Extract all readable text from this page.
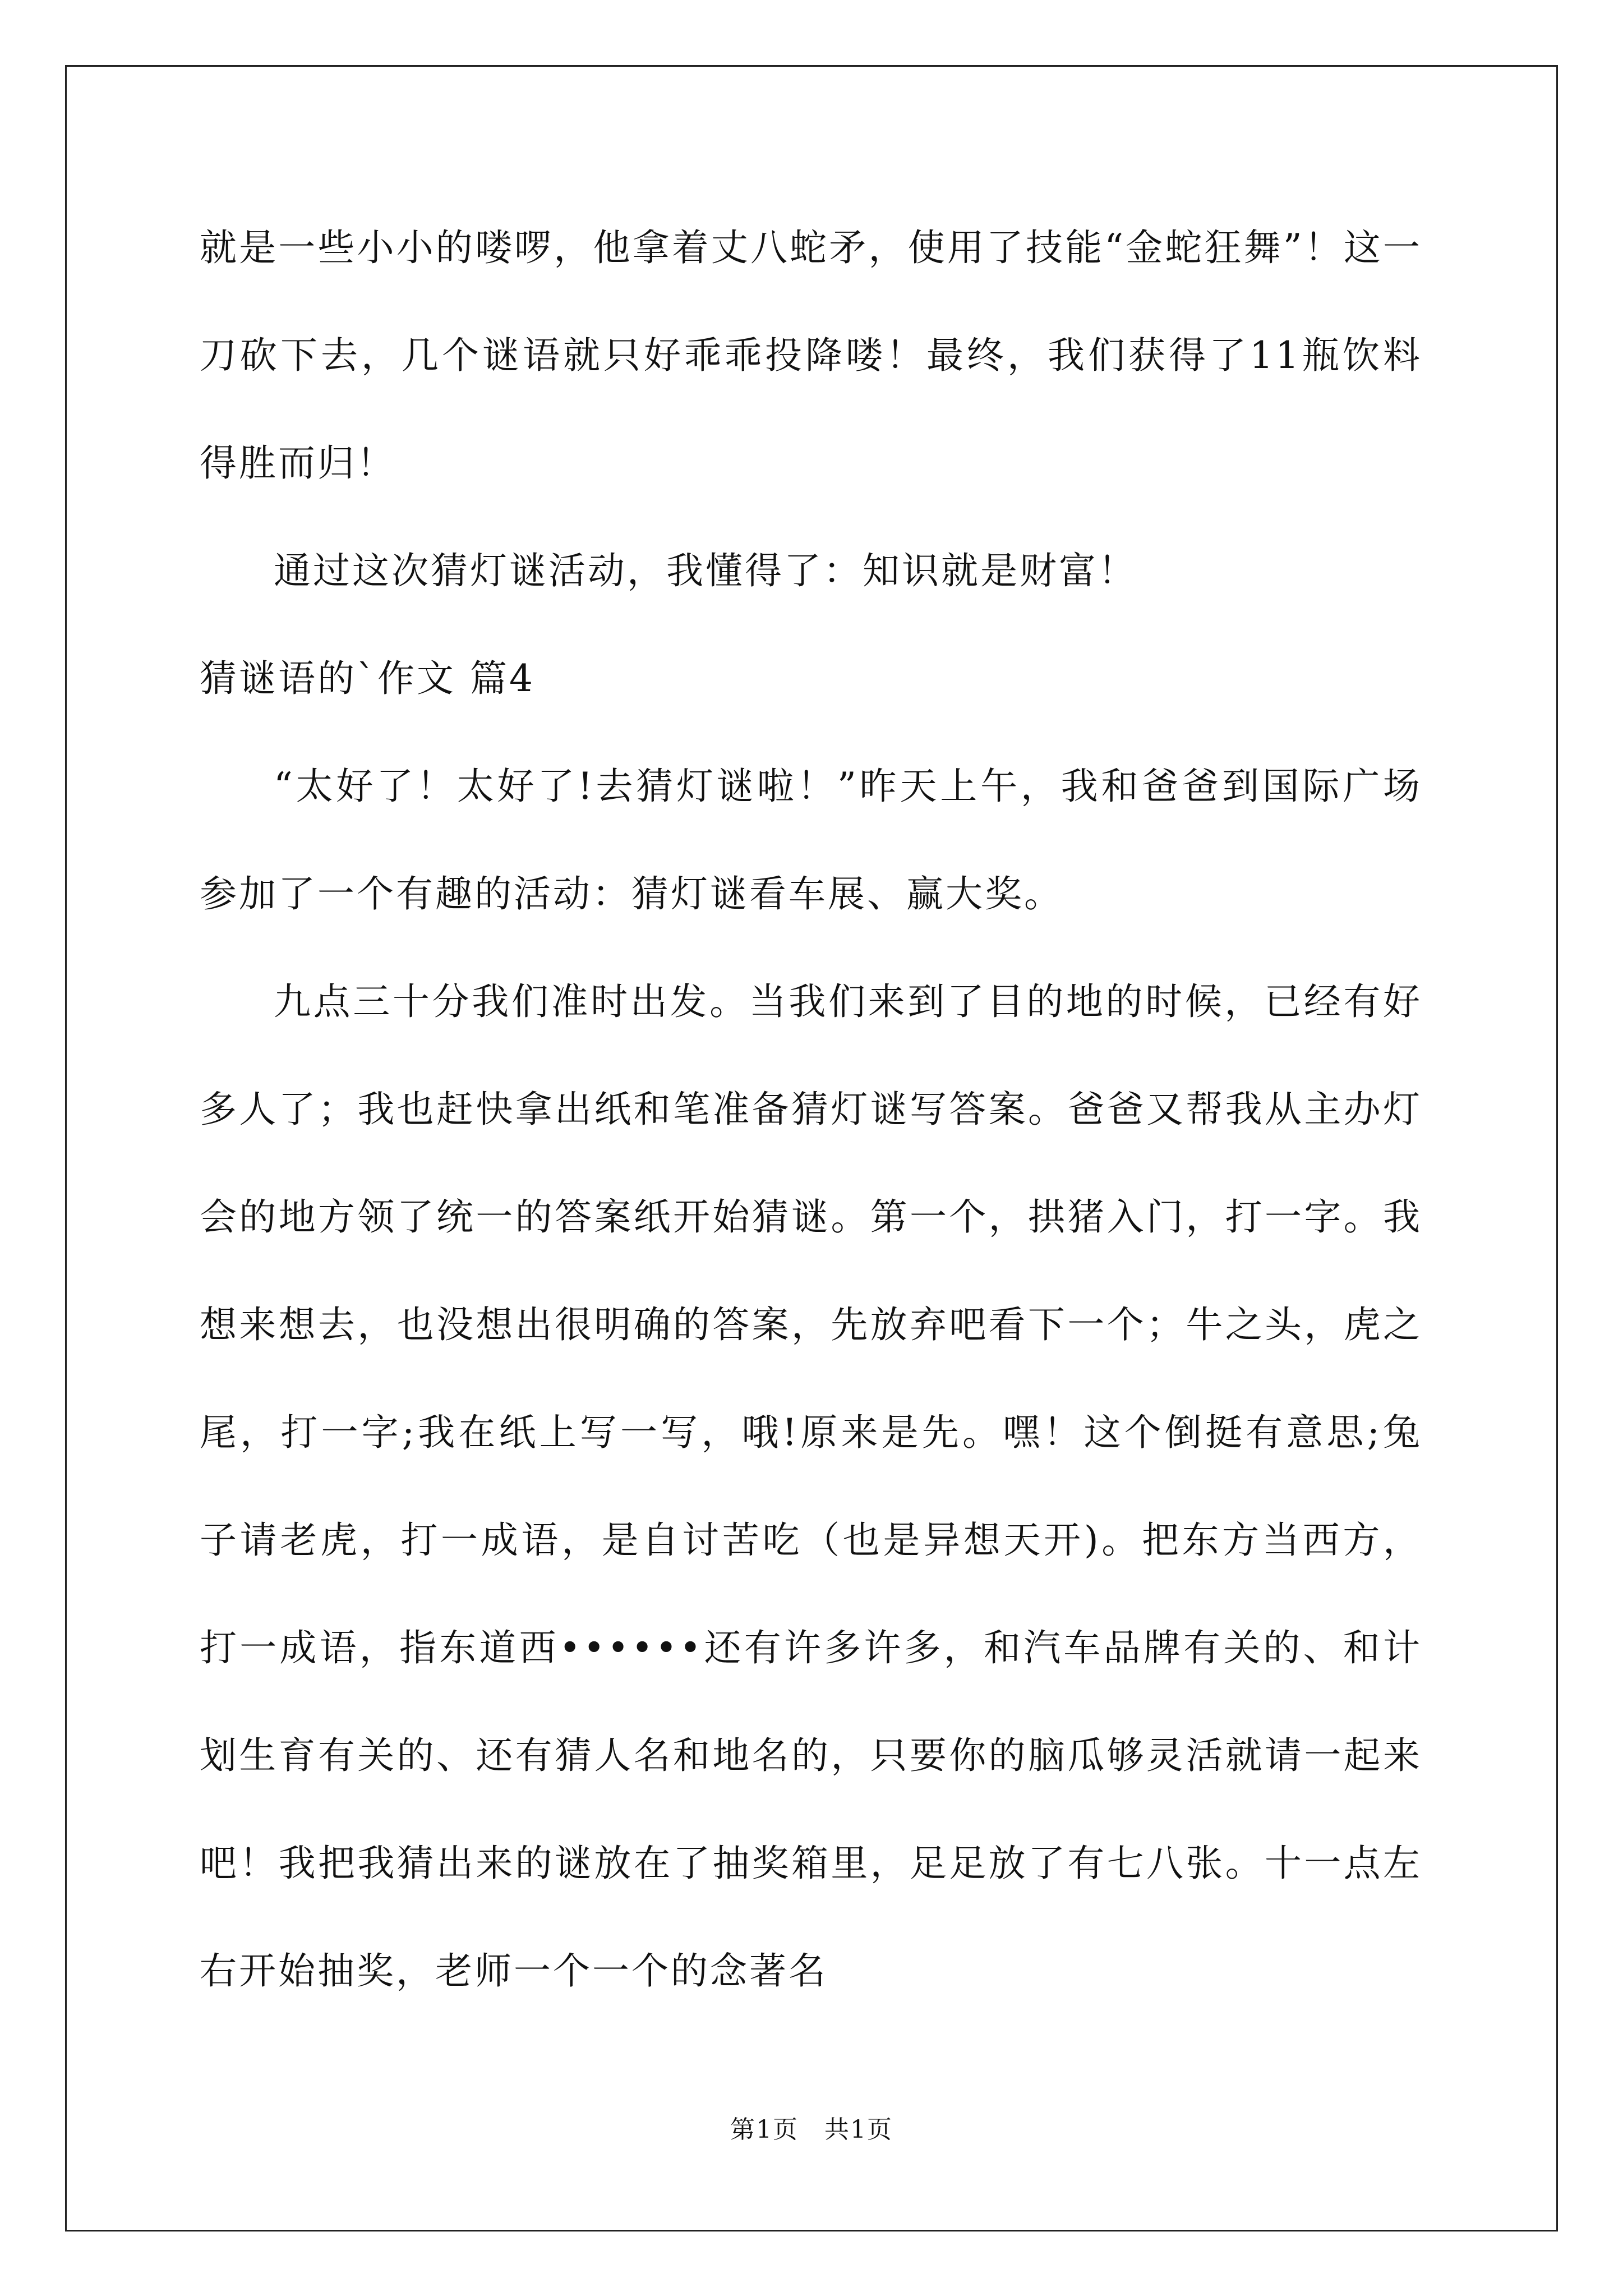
就是一些小小的喽啰，他拿着丈八蛇矛，使用了技能“金蛇狂舞”！这一刀砍下去，几个谜语就只好乖乖投降喽！最终，我们获得了11瓶饮料得胜而归！

通过这次猜灯谜活动，我懂得了：知识就是财富！

猜谜语的`作文 篇4

“太好了！太好了!去猜灯谜啦！”昨天上午，我和爸爸到国际广场参加了一个有趣的活动：猜灯谜看车展、赢大奖。

九点三十分我们准时出发。当我们来到了目的地的时候，已经有好多人了；我也赶快拿出纸和笔准备猜灯谜写答案。爸爸又帮我从主办灯会的地方领了统一的答案纸开始猜谜。第一个，拱猪入门，打一字。我想来想去，也没想出很明确的答案，先放弃吧看下一个；牛之头，虎之尾，打一字;我在纸上写一写，哦!原来是先。嘿！这个倒挺有意思;兔子请老虎，打一成语，是自讨苦吃（也是异想天开)。把东方当西方，打一成语，指东道西••••••还有许多许多，和汽车品牌有关的、和计划生育有关的、还有猜人名和地名的，只要你的脑瓜够灵活就请一起来吧！我把我猜出来的谜放在了抽奖箱里，足足放了有七八张。十一点左右开始抽奖，老师一个一个的念著名

第1页　共1页
